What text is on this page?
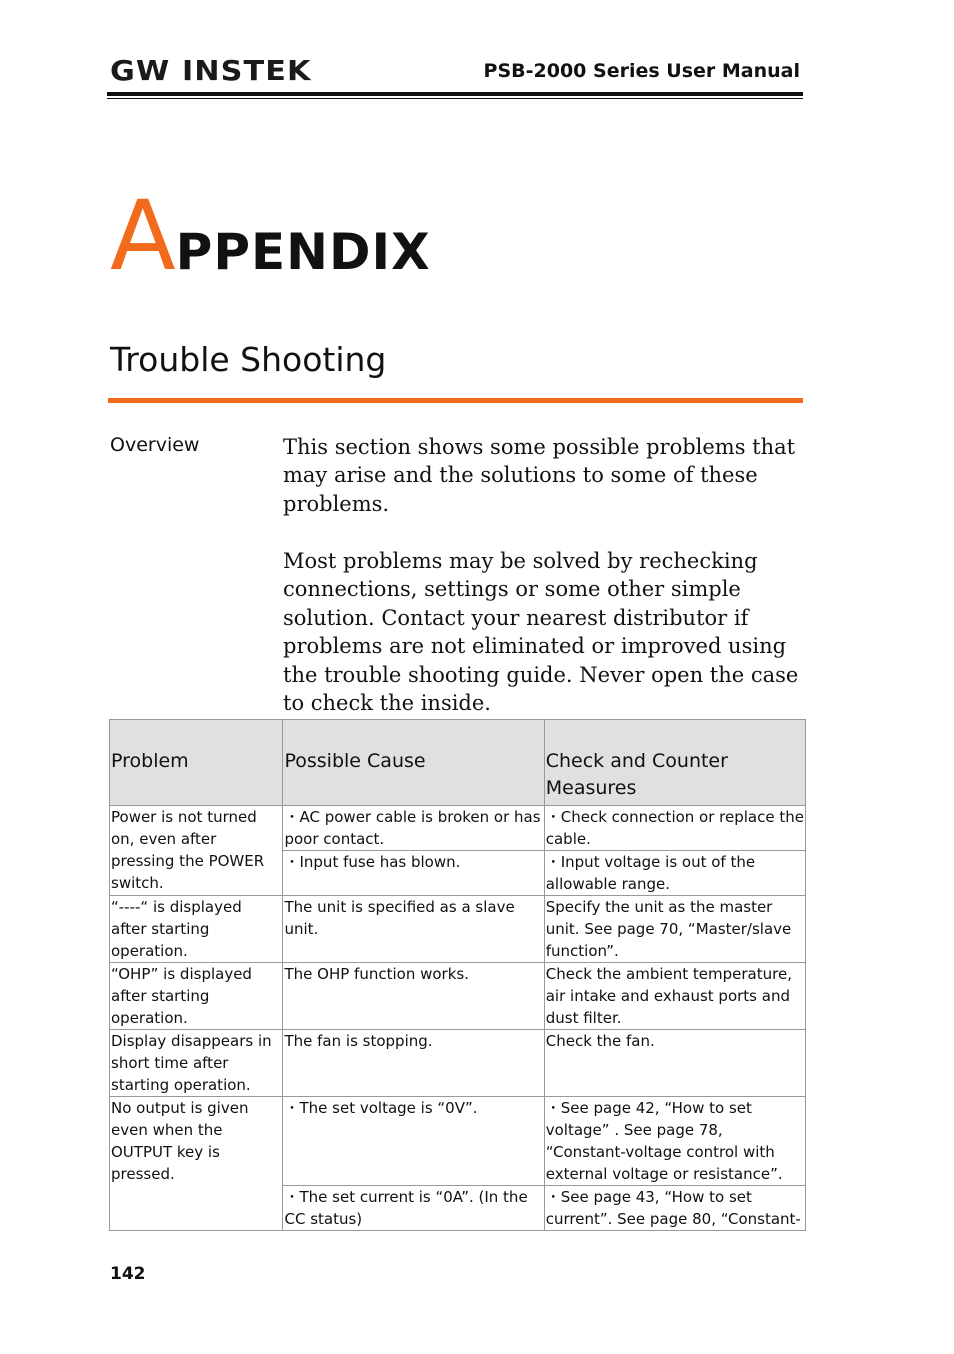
GW INSTEK	PSB-2000 Series User Manual
APPENDIX
Trouble Shooting
Overview	This section shows some possible problems that may arise and the solutions to some of these problems.
Most problems may be solved by rechecking connections, settings or some other simple solution. Contact your nearest distributor if problems are not eliminated or improved using the trouble shooting guide. Never open the case to check the inside.
Problem	Possible Cause	Check and Counter Measures
Power is not turned on, even after pressing the POWER switch.	・AC power cable is broken or has poor contact.	・Check connection or replace the cable.
	・Input fuse has blown.	・Input voltage is out of the allowable range.
“----“ is displayed after starting operation.	The unit is specified as a slave unit.	Specify the unit as the master unit. See page 70, “Master/slave function”.
“OHP” is displayed after starting operation.	The OHP function works.	Check the ambient temperature, air intake and exhaust ports and dust filter.
Display disappears in short time after starting operation.	The fan is stopping.	Check the fan.
No output is given even when the OUTPUT key is pressed.	・The set voltage is “0V”.	・See page 42, “How to set voltage” . See page 78, “Constant-voltage control with external voltage or resistance”.
	・The set current is “0A”. (In the CC status)	・See page 43, “How to set current”. See page 80, “Constant-
142
